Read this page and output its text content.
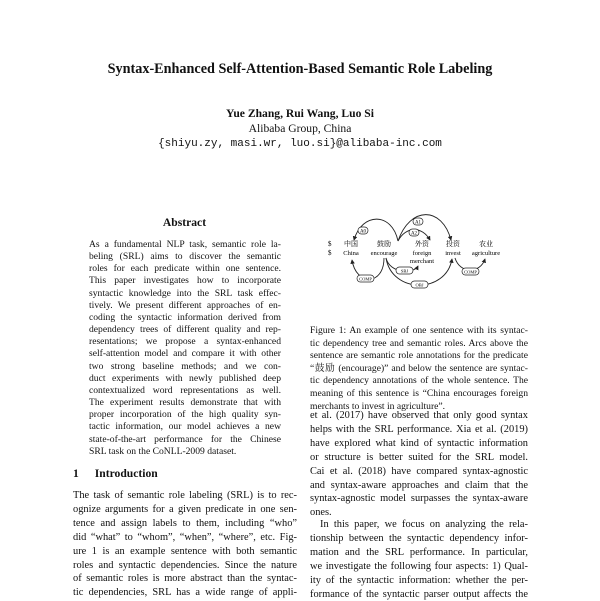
Syntax-Enhanced Self-Attention-Based Semantic Role Labeling
Yue Zhang, Rui Wang, Luo Si
Alibaba Group, China
{shiyu.zy, masi.wr, luo.si}@alibaba-inc.com
Abstract
As a fundamental NLP task, semantic role la-
beling (SRL) aims to discover the semantic
roles for each predicate within one sentence.
This paper investigates how to incorporate
syntactic knowledge into the SRL task effec-
tively. We present different approaches of en-
coding the syntactic information derived from
dependency trees of different quality and rep-
resentations; we propose a syntax-enhanced
self-attention model and compare it with other
two strong baseline methods; and we con-
duct experiments with newly published deep
contextualized word representations as well.
The experiment results demonstrate that with
proper incorporation of the high quality syn-
tactic information, our model achieves a new
state-of-the-art performance for the Chinese
SRL task on the CoNLL-2009 dataset.
1 Introduction
The task of semantic role labeling (SRL) is to rec-
ognize arguments for a given predicate in one sen-
tence and assign labels to them, including “who”
did “what” to “whom”, “when”, “where”, etc. Fig-
ure 1 is an example sentence with both semantic
roles and syntactic dependencies. Since the nature
of semantic roles is more abstract than the syntac-
tic dependencies, SRL has a wide range of appli-
A0
A1
A2
$
$
中国
China
鼓励
encourage
外资
foreign
merchant
投资
invest
农业
agriculture
COMP
SBJ
OBJ
COMP
Figure 1: An example of one sentence with its syntac-
tic dependency tree and semantic roles. Arcs above the
sentence are semantic role annotations for the predicate
“鼓励 (encourage)” and below the sentence are syntac-
tic dependency annotations of the whole sentence. The
meaning of this sentence is “China encourages foreign
merchants to invest in agriculture”.
et al. (2017) have observed that only good syntax
helps with the SRL performance. Xia et al. (2019)
have explored what kind of syntactic information
or structure is better suited for the SRL model.
Cai et al. (2018) have compared syntax-agnostic
and syntax-aware approaches and claim that the
syntax-agnostic model surpasses the syntax-aware
ones.
In this paper, we focus on analyzing the rela-
tionship between the syntactic dependency infor-
mation and the SRL performance. In particular,
we investigate the following four aspects: 1) Qual-
ity of the syntactic information: whether the per-
formance of the syntactic parser output affects the
